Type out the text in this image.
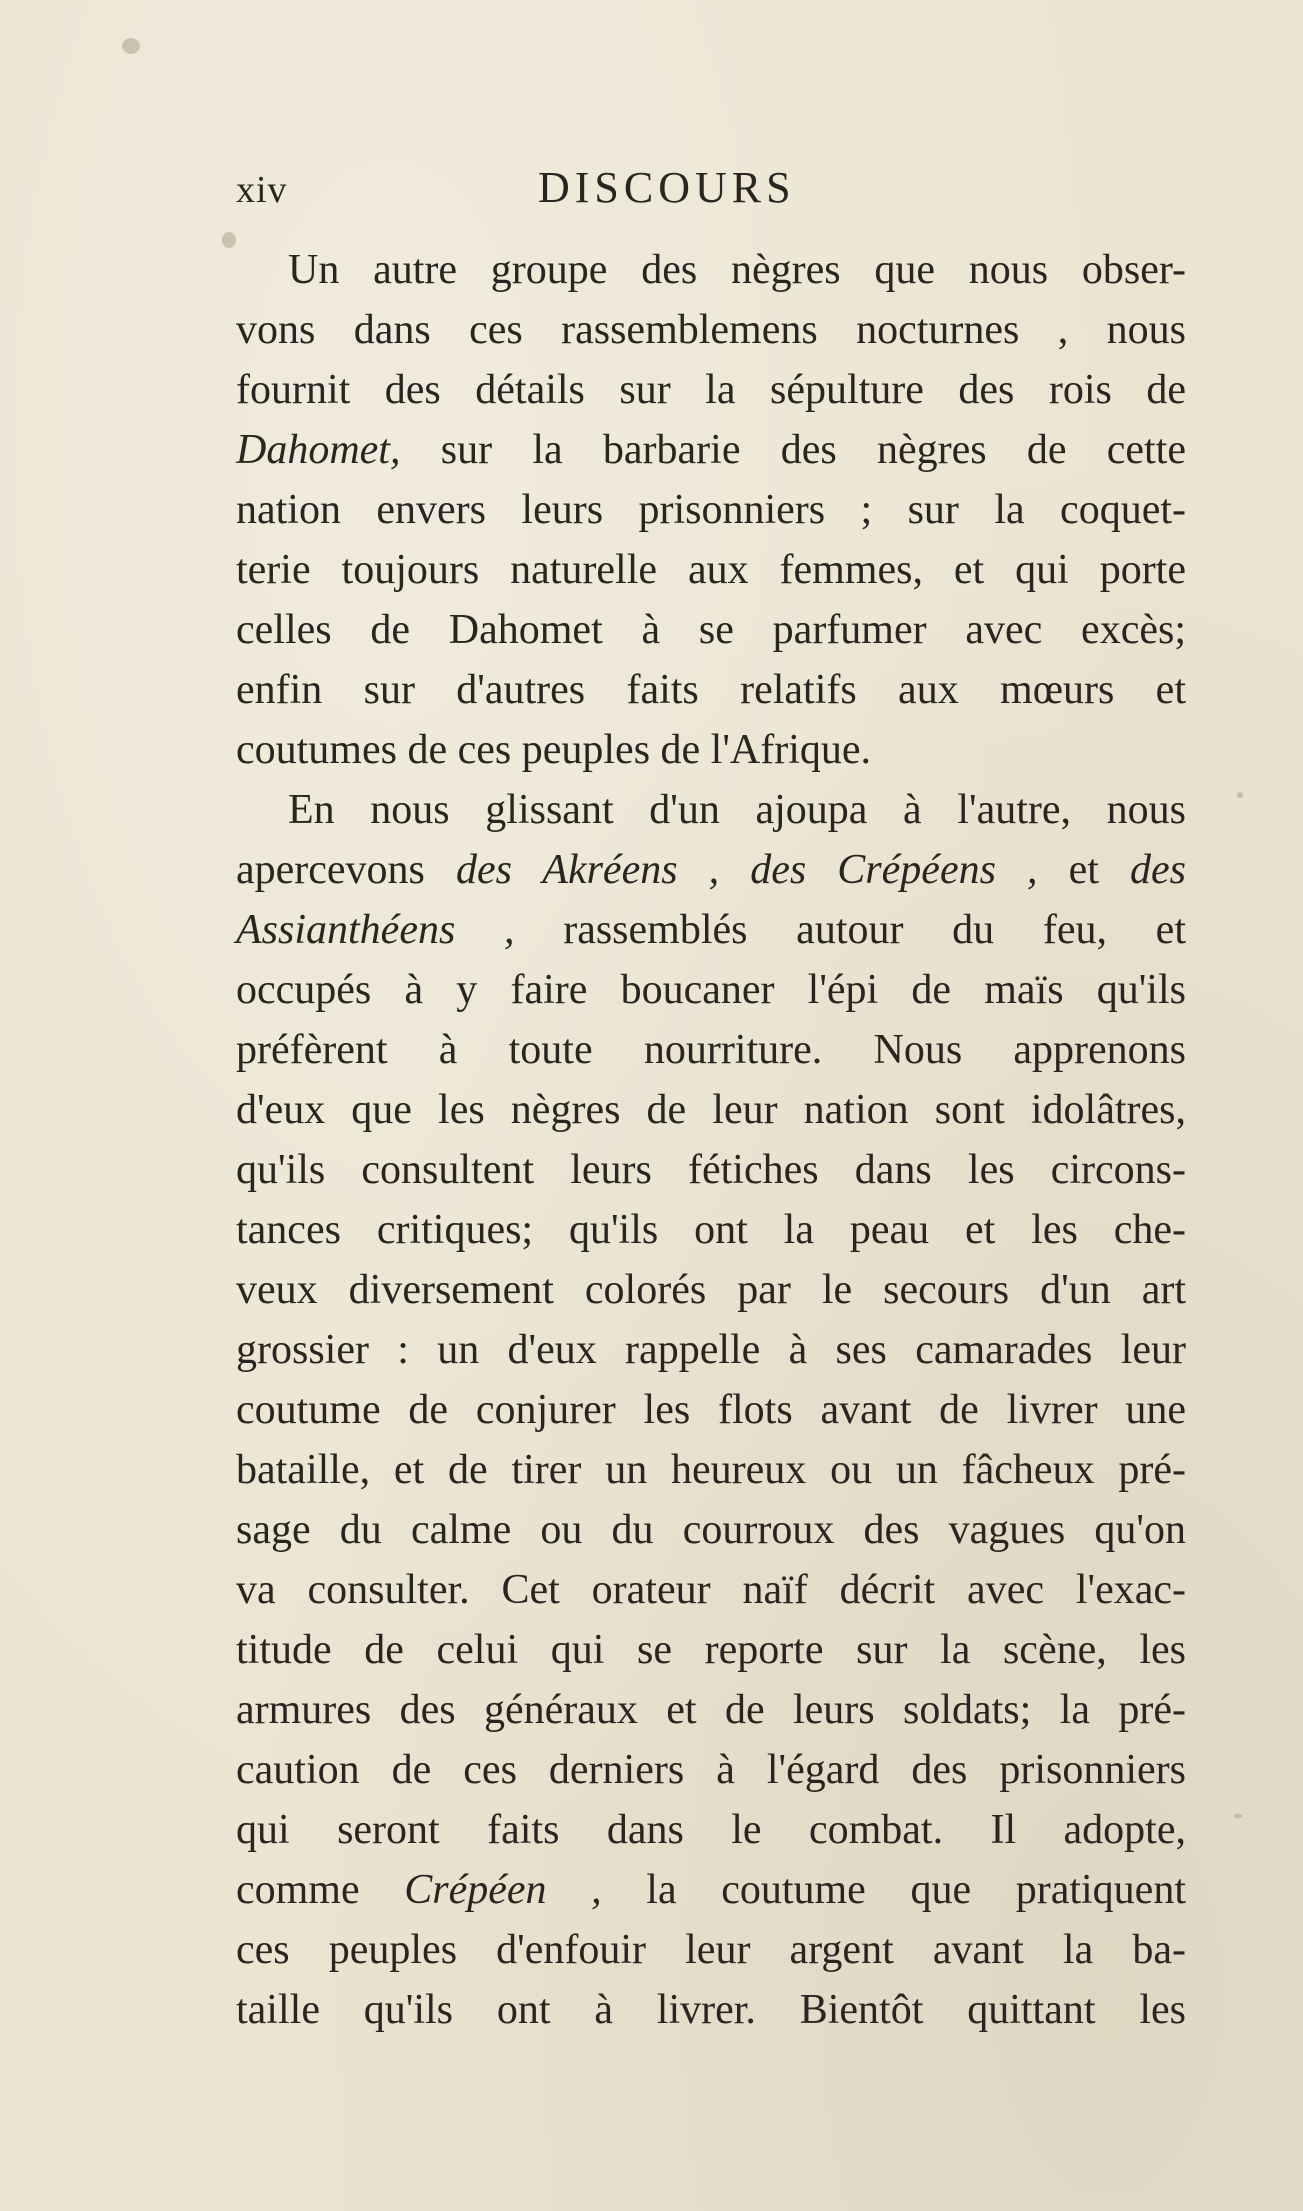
xiv	DISCOURS
Un autre groupe des nègres que nous obser-
vons dans ces rassemblemens nocturnes , nous
fournit des détails sur la sépulture des rois de
Dahomet, sur la barbarie des nègres de cette
nation envers leurs prisonniers ; sur la coquet-
terie toujours naturelle aux femmes, et qui porte
celles de Dahomet à se parfumer avec excès;
enfin sur d'autres faits relatifs aux mœurs et
coutumes de ces peuples de l'Afrique.
En nous glissant d'un ajoupa à l'autre, nous
apercevons des Akréens , des Crépéens , et des
Assianthéens , rassemblés autour du feu, et
occupés à y faire boucaner l'épi de maïs qu'ils
préfèrent à toute nourriture. Nous apprenons
d'eux que les nègres de leur nation sont idolâtres,
qu'ils consultent leurs fétiches dans les circons-
tances critiques; qu'ils ont la peau et les che-
veux diversement colorés par le secours d'un art
grossier : un d'eux rappelle à ses camarades leur
coutume de conjurer les flots avant de livrer une
bataille, et de tirer un heureux ou un fâcheux pré-
sage du calme ou du courroux des vagues qu'on
va consulter. Cet orateur naïf décrit avec l'exac-
titude de celui qui se reporte sur la scène, les
armures des généraux et de leurs soldats; la pré-
caution de ces derniers à l'égard des prisonniers
qui seront faits dans le combat. Il adopte,
comme Crépéen , la coutume que pratiquent
ces peuples d'enfouir leur argent avant la ba-
taille qu'ils ont à livrer. Bientôt quittant les
